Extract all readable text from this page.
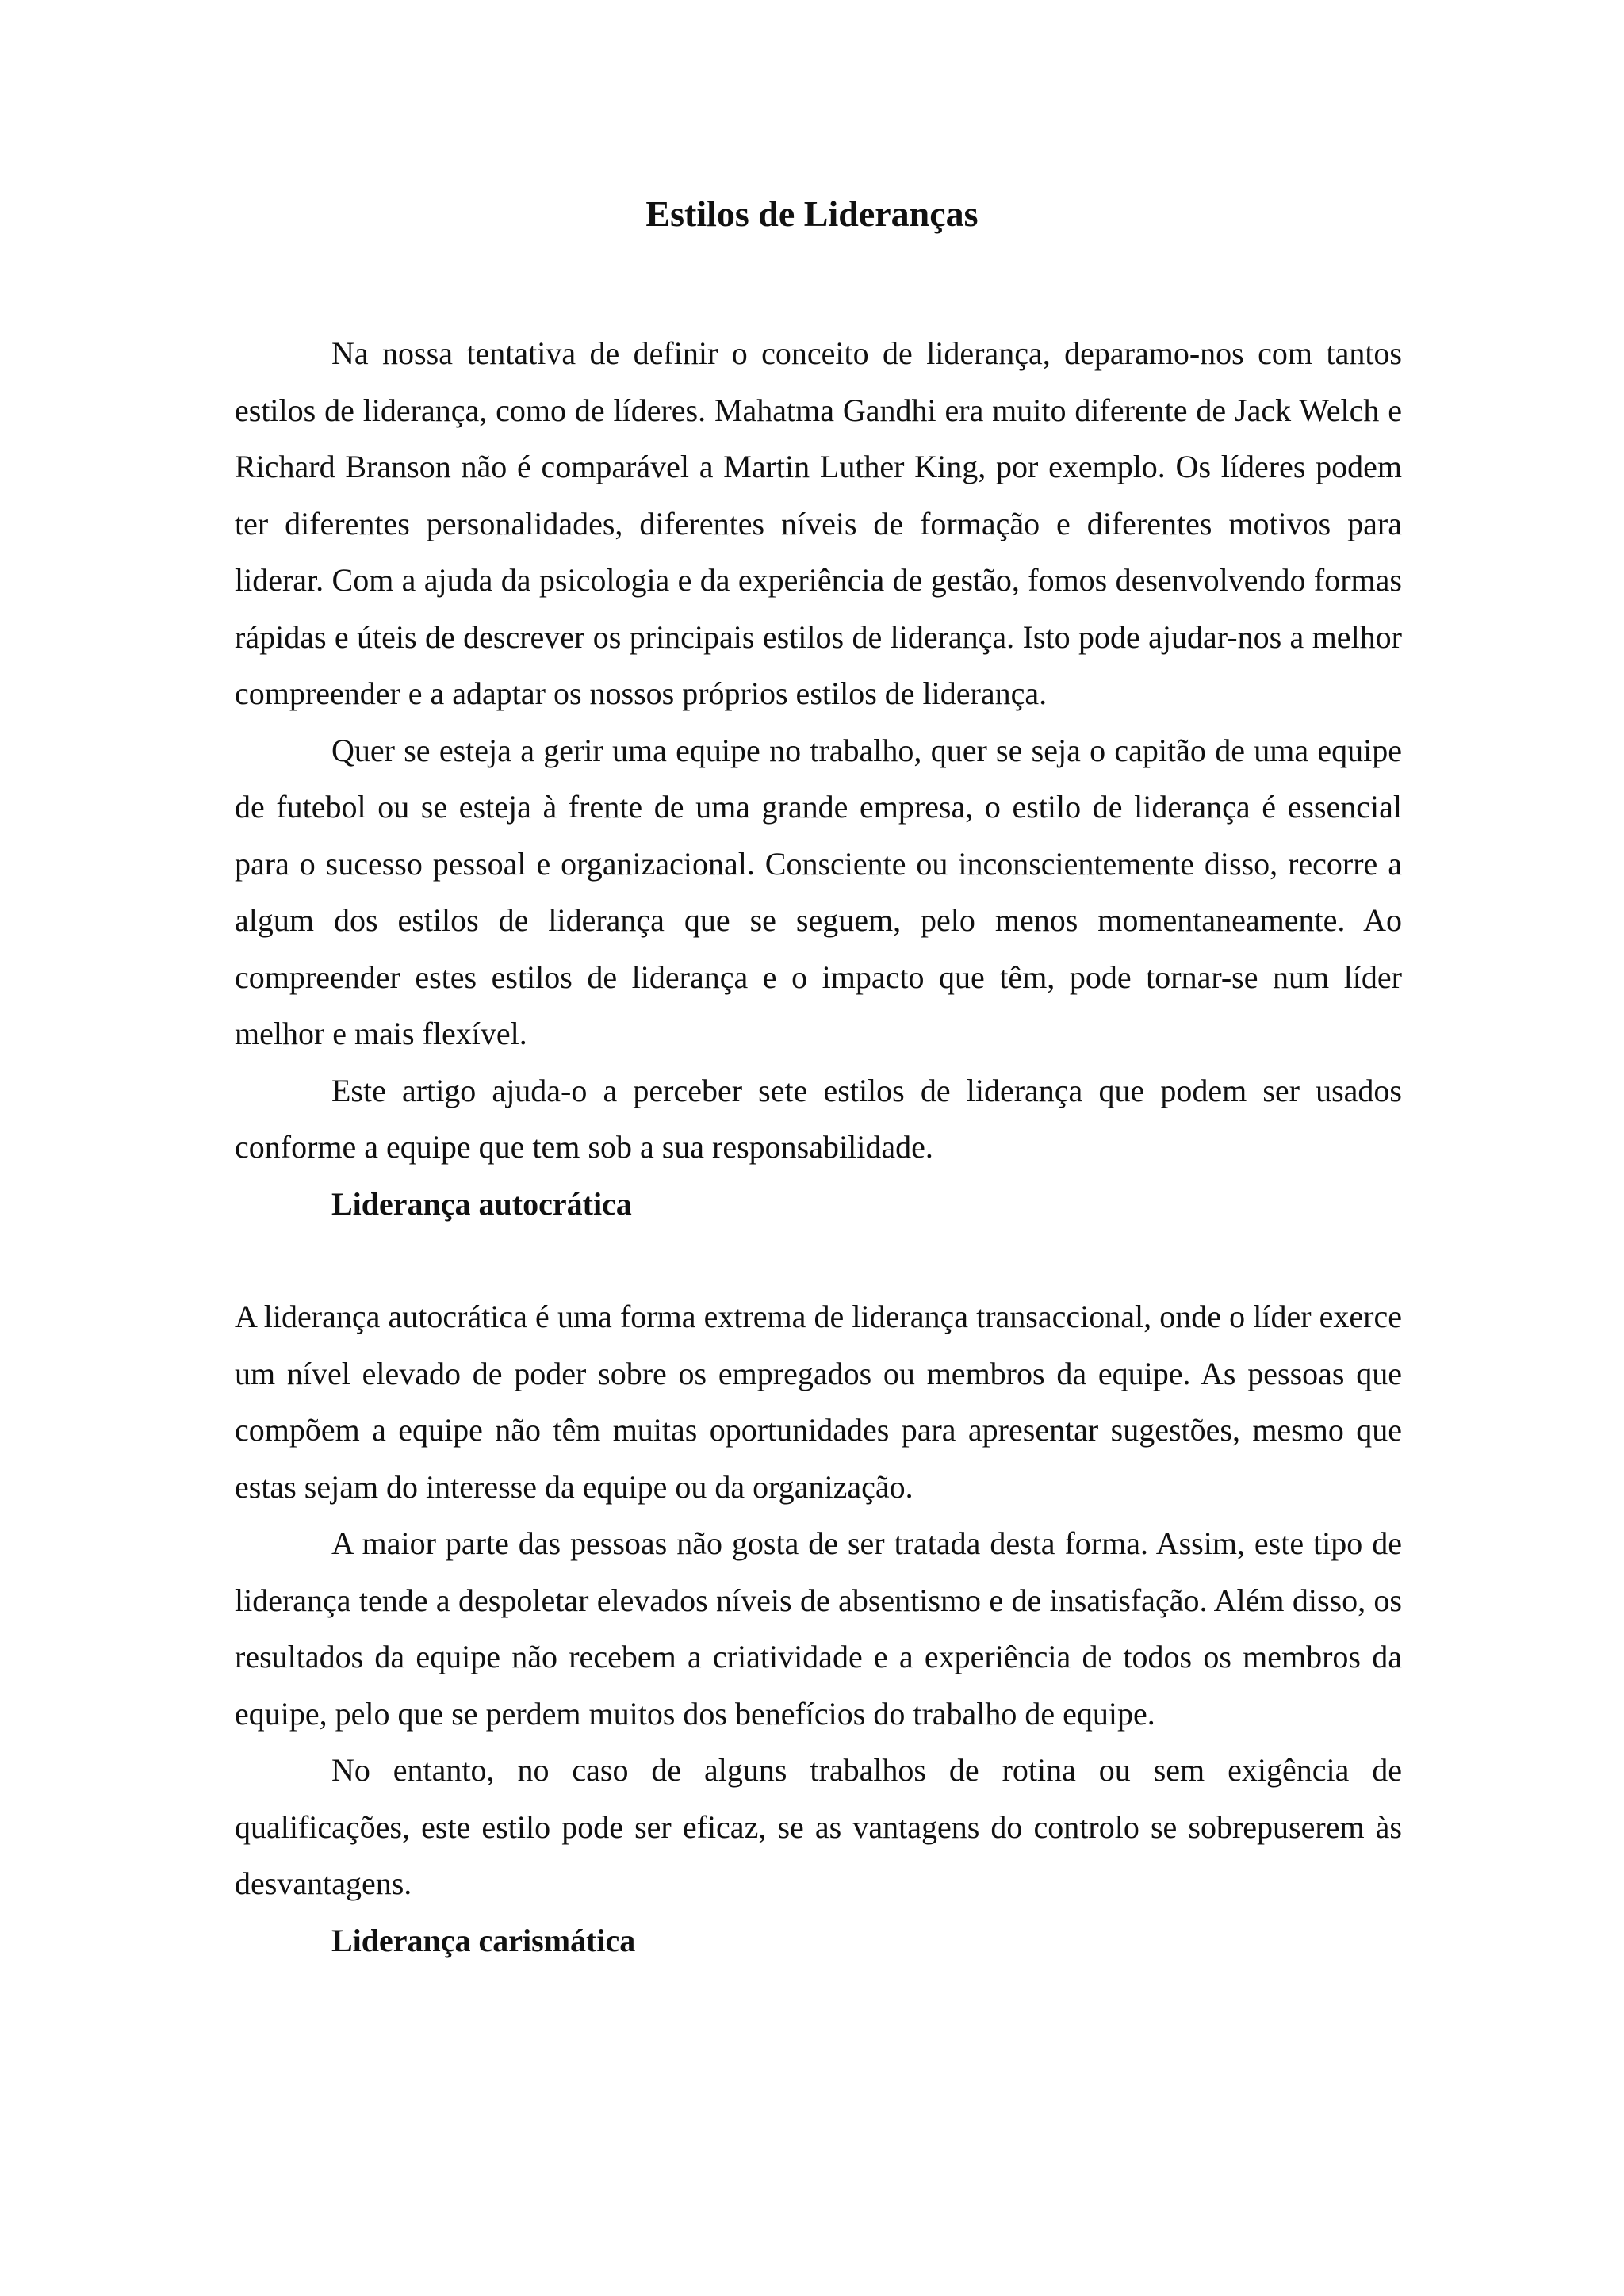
Estilos de Lideranças

Na nossa tentativa de definir o conceito de liderança, deparamo-nos com tantos estilos de liderança, como de líderes. Mahatma Gandhi era muito diferente de Jack Welch e Richard Branson não é comparável a Martin Luther King, por exemplo. Os líderes podem ter diferentes personalidades, diferentes níveis de formação e diferentes motivos para liderar. Com a ajuda da psicologia e da experiência de gestão, fomos desenvolvendo formas rápidas e úteis de descrever os principais estilos de liderança. Isto pode ajudar-nos a melhor compreender e a adaptar os nossos próprios estilos de liderança.

Quer se esteja a gerir uma equipe no trabalho, quer se seja o capitão de uma equipe de futebol ou se esteja à frente de uma grande empresa, o estilo de liderança é essencial para o sucesso pessoal e organizacional. Consciente ou inconscientemente disso, recorre a algum dos estilos de liderança que se seguem, pelo menos momentaneamente. Ao compreender estes estilos de liderança e o impacto que têm, pode tornar-se num líder melhor e mais flexível.

Este artigo ajuda-o a perceber sete estilos de liderança que podem ser usados conforme a equipe que tem sob a sua responsabilidade.

Liderança autocrática

A liderança autocrática é uma forma extrema de liderança transaccional, onde o líder exerce um nível elevado de poder sobre os empregados ou membros da equipe. As pessoas que compõem a equipe não têm muitas oportunidades para apresentar sugestões, mesmo que estas sejam do interesse da equipe ou da organização.

A maior parte das pessoas não gosta de ser tratada desta forma. Assim, este tipo de liderança tende a despoletar elevados níveis de absentismo e de insatisfação. Além disso, os resultados da equipe não recebem a criatividade e a experiência de todos os membros da equipe, pelo que se perdem muitos dos benefícios do trabalho de equipe.

No entanto, no caso de alguns trabalhos de rotina ou sem exigência de qualificações, este estilo pode ser eficaz, se as vantagens do controlo se sobrepuserem às desvantagens.

Liderança carismática
